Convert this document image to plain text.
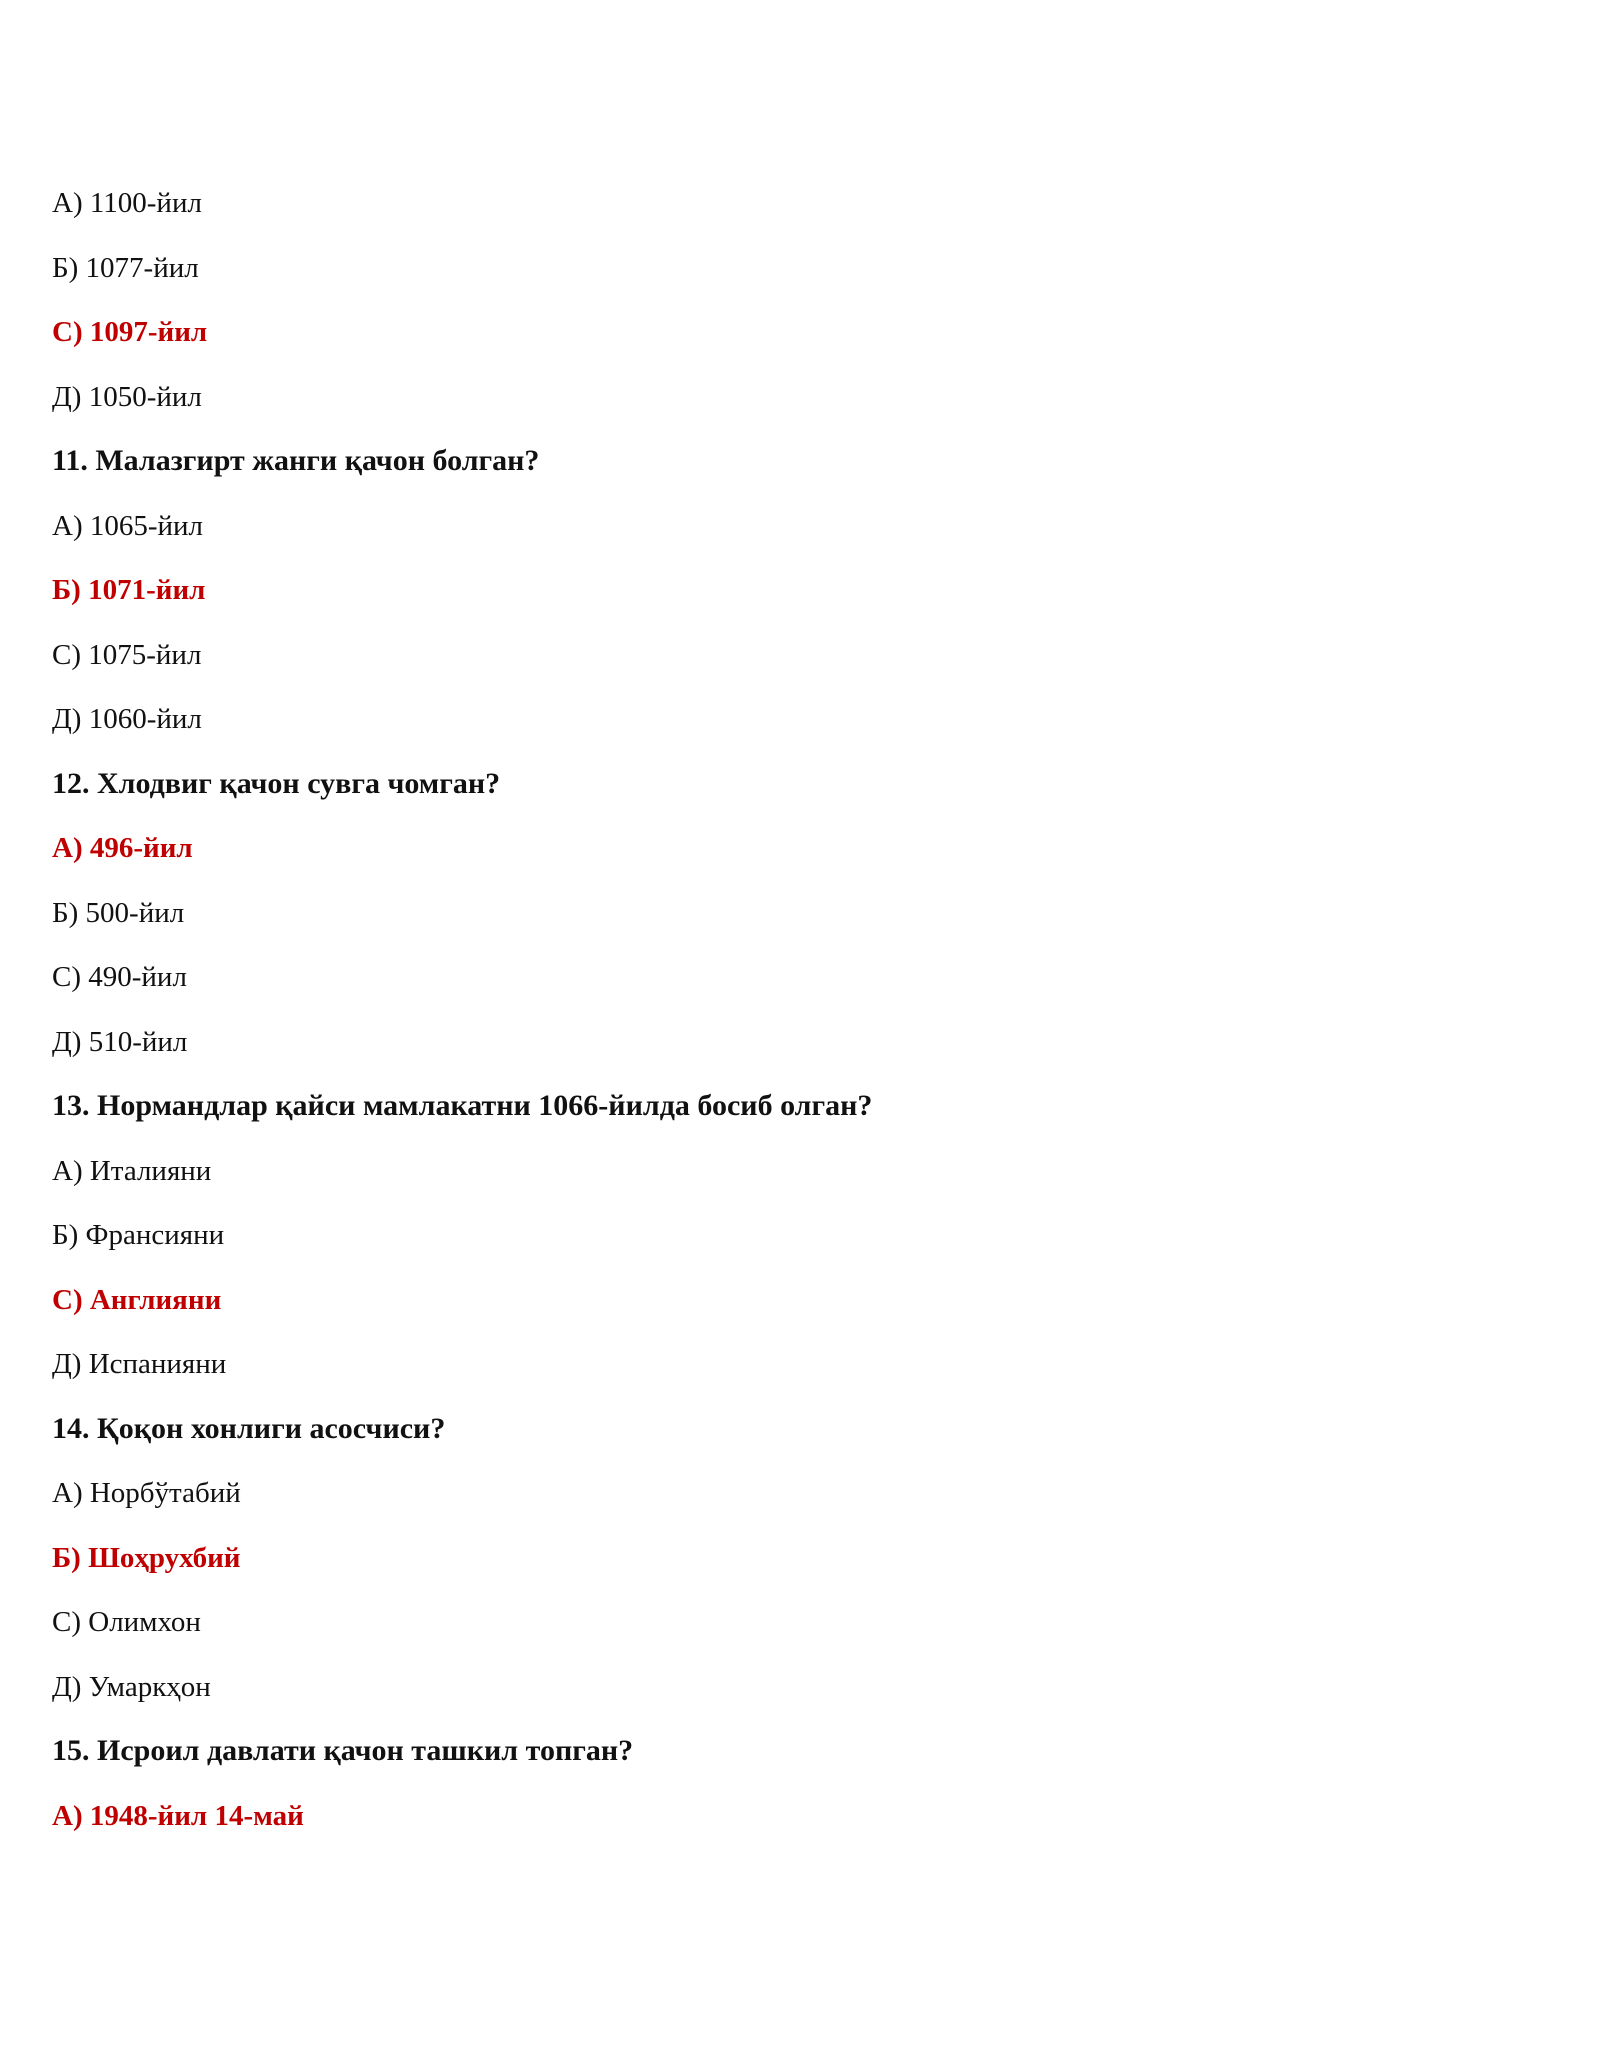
А) 1100-йил
Б) 1077-йил
С) 1097-йил
Д) 1050-йил
11. Малазгирт жанги қачон болган?
А) 1065-йил
Б) 1071-йил
С) 1075-йил
Д) 1060-йил
12. Хлодвиг қачон сувга чомган?
А) 496-йил
Б) 500-йил
С) 490-йил
Д) 510-йил
13. Нормандлар қайси мамлакатни 1066-йилда босиб олган?
А) Италияни
Б) Франсияни
С) Англияни
Д) Испанияни
14. Қоқон хонлиги асосчиси?
А) Норбўтабий
Б) Шоҳрухбий
С) Олимхон
Д) Умаркҳон
15. Исроил давлати қачон ташкил топган?
А) 1948-йил 14-май
